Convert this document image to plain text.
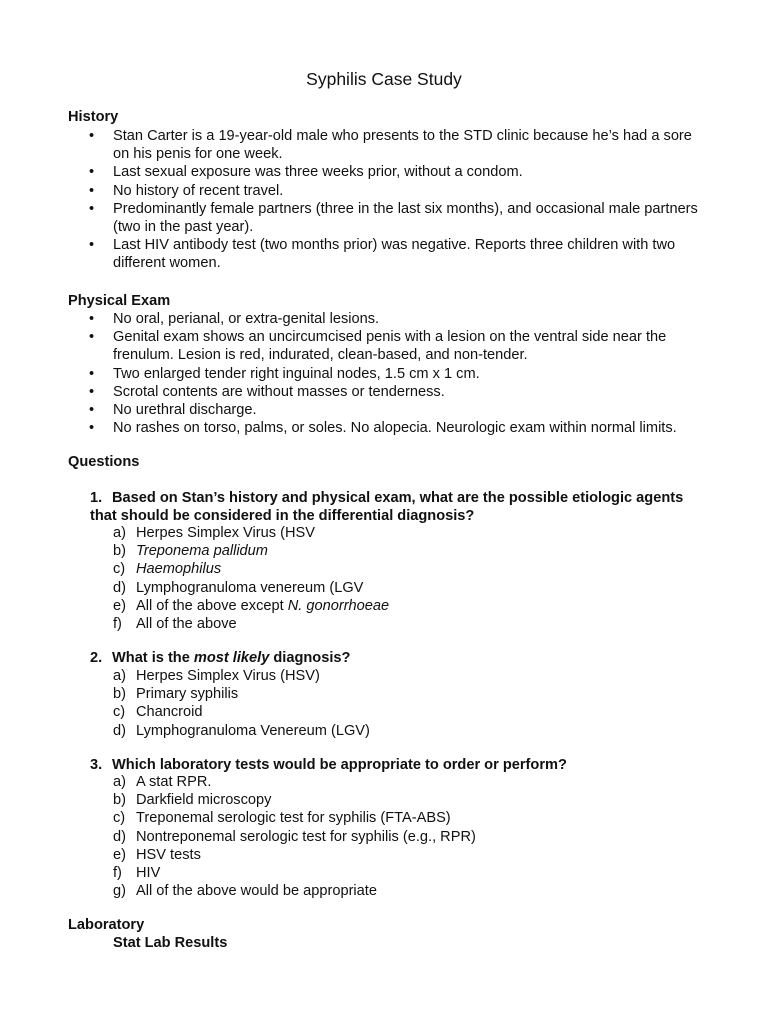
Syphilis Case Study
History
• Stan Carter is a 19-year-old male who presents to the STD clinic because he’s had a sore on his penis for one week.
• Last sexual exposure was three weeks prior, without a condom.
• No history of recent travel.
• Predominantly female partners (three in the last six months), and occasional male partners (two in the past year).
• Last HIV antibody test (two months prior) was negative. Reports three children with two different women.
Physical Exam
• No oral, perianal, or extra-genital lesions.
• Genital exam shows an uncircumcised penis with a lesion on the ventral side near the frenulum. Lesion is red, indurated, clean-based, and non-tender.
• Two enlarged tender right inguinal nodes, 1.5 cm x 1 cm.
• Scrotal contents are without masses or tenderness.
• No urethral discharge.
• No rashes on torso, palms, or soles. No alopecia. Neurologic exam within normal limits.
Questions
1. Based on Stan’s history and physical exam, what are the possible etiologic agents that should be considered in the differential diagnosis?
a) Herpes Simplex Virus (HSV
b) Treponema pallidum
c) Haemophilus
d) Lymphogranuloma venereum (LGV
e) All of the above except N. gonorrhoeae
f) All of the above
2. What is the most likely diagnosis?
a) Herpes Simplex Virus (HSV)
b) Primary syphilis
c) Chancroid
d) Lymphogranuloma Venereum (LGV)
3. Which laboratory tests would be appropriate to order or perform?
a) A stat RPR.
b) Darkfield microscopy
c) Treponemal serologic test for syphilis (FTA-ABS)
d) Nontreponemal serologic test for syphilis (e.g., RPR)
e) HSV tests
f) HIV
g) All of the above would be appropriate
Laboratory
Stat Lab Results
